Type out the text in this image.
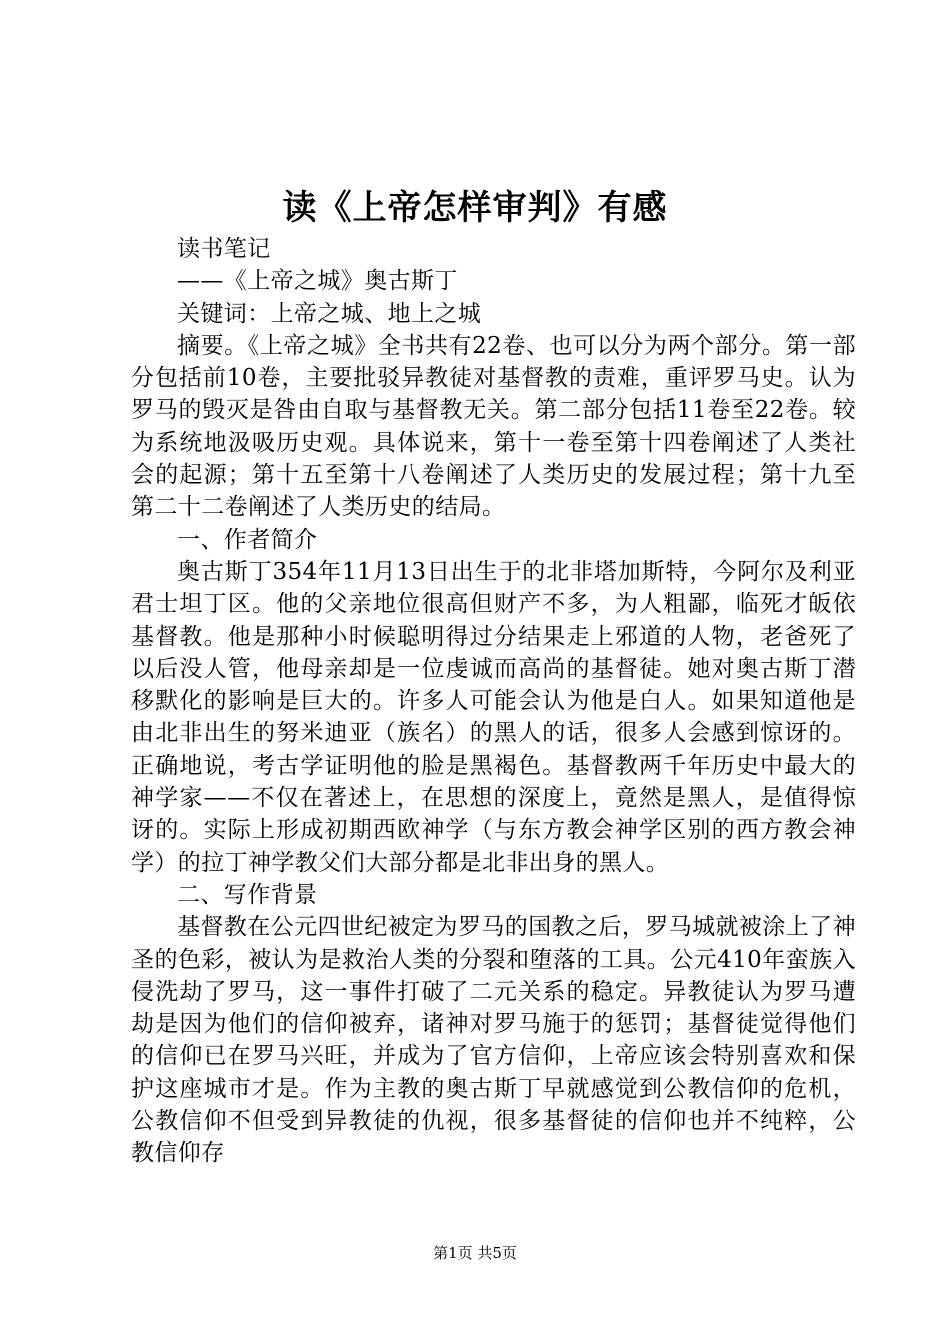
读《上帝怎样审判》有感

读书笔记

——《上帝之城》奥古斯丁

关键词：上帝之城、地上之城

摘要。《上帝之城》全书共有22卷、也可以分为两个部分。第一部分包括前10卷，主要批驳异教徒对基督教的责难，重评罗马史。认为罗马的毁灭是咎由自取与基督教无关。第二部分包括11卷至22卷。较为系统地汲吸历史观。具体说来，第十一卷至第十四卷阐述了人类社会的起源；第十五至第十八卷阐述了人类历史的发展过程；第十九至第二十二卷阐述了人类历史的结局。

一、作者简介

奥古斯丁354年11月13日出生于的北非塔加斯特，今阿尔及利亚君士坦丁区。他的父亲地位很高但财产不多，为人粗鄙，临死才皈依基督教。他是那种小时候聪明得过分结果走上邪道的人物，老爸死了以后没人管，他母亲却是一位虔诚而高尚的基督徒。她对奥古斯丁潜移默化的影响是巨大的。许多人可能会认为他是白人。如果知道他是由北非出生的努米迪亚（族名）的黑人的话，很多人会感到惊讶的。正确地说，考古学证明他的脸是黑褐色。基督教两千年历史中最大的神学家——不仅在著述上，在思想的深度上，竟然是黑人，是值得惊讶的。实际上形成初期西欧神学（与东方教会神学区别的西方教会神学）的拉丁神学教父们大部分都是北非出身的黑人。

二、写作背景

基督教在公元四世纪被定为罗马的国教之后，罗马城就被涂上了神圣的色彩，被认为是救治人类的分裂和堕落的工具。公元410年蛮族入侵洗劫了罗马，这一事件打破了二元关系的稳定。异教徒认为罗马遭劫是因为他们的信仰被弃，诸神对罗马施于的惩罚；基督徒觉得他们的信仰已在罗马兴旺，并成为了官方信仰，上帝应该会特别喜欢和保护这座城市才是。作为主教的奥古斯丁早就感觉到公教信仰的危机，公教信仰不但受到异教徒的仇视，很多基督徒的信仰也并不纯粹，公教信仰存

第1页 共5页
